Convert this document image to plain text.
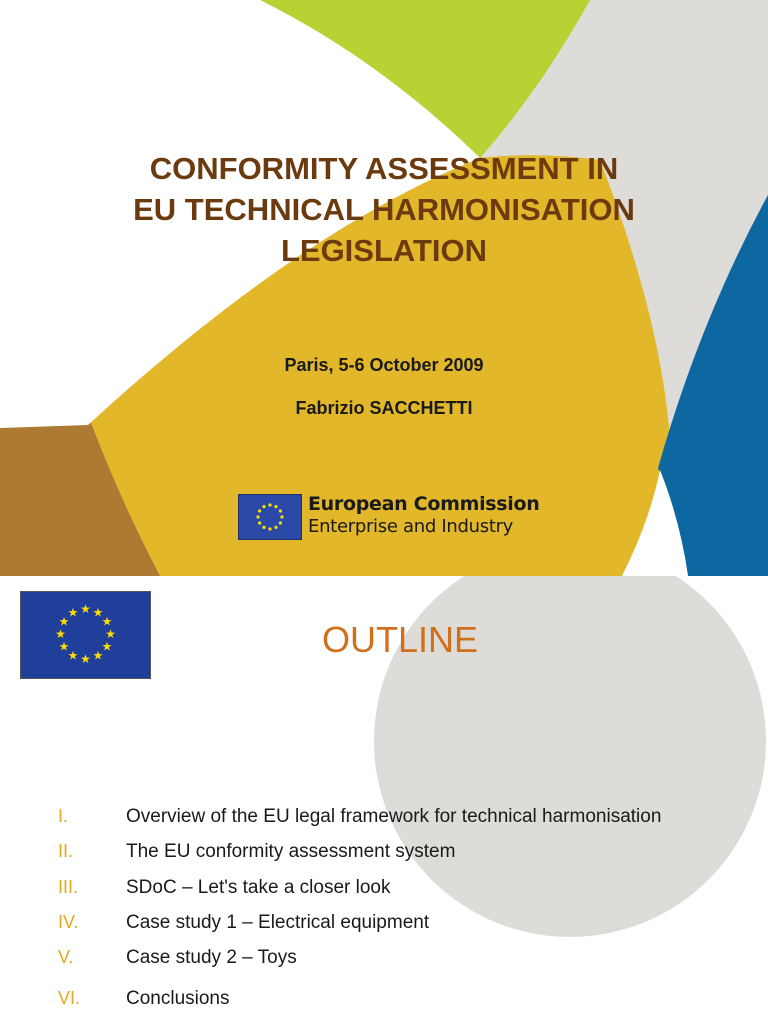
CONFORMITY ASSESSMENT IN
EU TECHNICAL HARMONISATION
LEGISLATION
Paris, 5-6 October 2009
Fabrizio SACCHETTI
European Commission
Enterprise and Industry
★ ★
★
★
★
★
★
★
★
★
★
★
OUTLINE
I.	Overview of the EU legal framework for technical harmonisation
II.	The EU conformity assessment system
III.	SDoC – Let's take a closer look
IV.	Case study 1 – Electrical equipment
V.	Case study 2 – Toys
VI. Conclusions
